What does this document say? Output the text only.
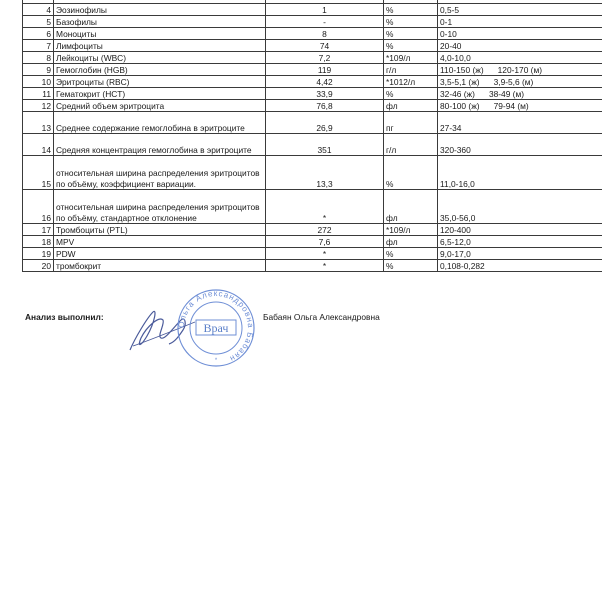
4	Эозинофилы	1	%	0,5-5
5	Базофилы	-	%	0-1
6	Моноциты	8	%	0-10
7	Лимфоциты	74	%	20-40
8	Лейкоциты (WBC)	7,2	*109/л	4,0-10,0
9	Гемоглобин (HGB)	119	г/л	110-150 (ж) 120-170 (м)
10	Эритроциты (RBC)	4,42	*1012/л	3,5-5,1 (ж) 3,9-5,6 (м)
11	Гематокрит (HCT)	33,9	%	32-46 (ж) 38-49 (м)
12	Средний объем эритроцита	76,8	фл	80-100 (ж) 79-94 (м)
13	Среднее содержание гемоглобина в эритроците	26,9	пг	27-34
14	Средняя концентрация гемоглобина в эритроците	351	г/л	320-360
15	относительная ширина распределения эритроцитов по объёму, коэффициент вариации.	13,3	%	11,0-16,0
16	относительная ширина распределения эритроцитов по объёму, стандартное отклонение	*	фл	35,0-56,0
17	Тромбоциты (PTL)	272	*109/л	120-400
18	MPV	7,6	фл	6,5-12,0
19	PDW	*	%	9,0-17,0
20	тромбокрит	*	%	0,108-0,282
Анализ выполнил:
Ольга Александровна Бабаян
Врач
*
Бабаян Ольга Александровна
